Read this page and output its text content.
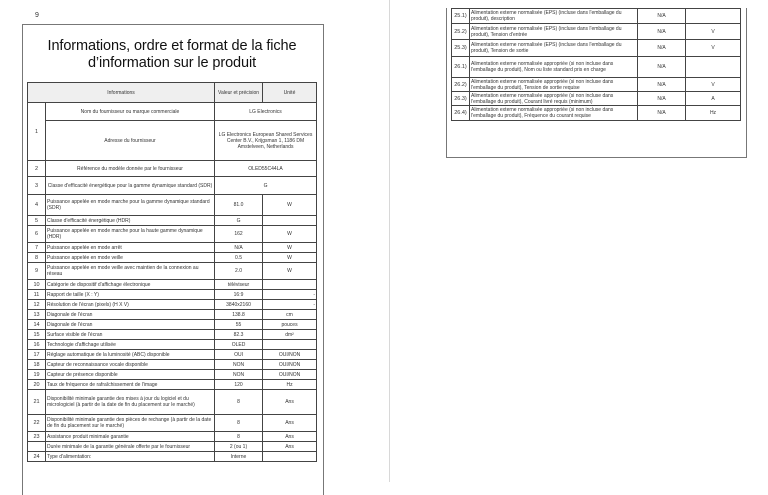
9
Informations, ordre et format de la fiche
d’information sur le produit
Informations		Valeur et précision	Unité
1	Nom du fournisseur ou marque commerciale	LG Electronics	
	Adresse du fournisseur	LG Electronics European Shared Services Center B.V., Krijgsman 1, 1186 DM Amstelveen, Netherlands	
2	Référence du modèle donnée par le fournisseur	OLED55C44LA	
3	Classe d'efficacité énergétique pour la gamme dynamique standard (SDR)	G	
4	Puissance appelée en mode marche pour la gamme dynamique standard (SDR)	81.0	W
5	Classe d'efficacité énergétique (HDR)	G	
6	Puissance appelée en mode marche pour la haute gamme dynamique (HDR)	162	W
7	Puissance appelée en mode arrêt	N/A	W
8	Puissance appelée en mode veille	0.5	W
9	Puissance appelée en mode veille avec maintien de la connexion au réseau	2.0	W
10	Catégorie de dispositif d'affichage électronique	téléviseur	
11	Rapport de taille (X : Y)	16:9	-
12	Résolution de l'écran (pixels) (H X V)	3840x2160	-
13	Diagonale de l'écran	138.8	cm
14	Diagonale de l'écran	55	pouces
15	Surface visible de l'écran	82.3	dm²
16	Technologie d'affichage utilisée	OLED	
17	Réglage automatique de la luminosité (ABC) disponible	OUI	OUI/NON
18	Capteur de reconnaissance vocale disponible	NON	OUI/NON
19	Capteur de présence disponible	NON	OUI/NON
20	Taux de fréquence de rafraîchissement de l'image	120	Hz
21	Disponibilité minimale garantie des mises à jour du logiciel et du micrologiciel (à partir de la date de fin du placement sur le marché)	8	Ans
22	Disponibilité minimale garantie des pièces de rechange (à partir de la date de fin du placement sur le marché)	8	Ans
23	Assistance produit minimale garantie	8	Ans
	Durée minimale de la garantie générale offerte par le fournisseur	2 (ou 1)	Ans
24	Type d'alimentation:	Interne	
25.1)	Alimentation externe normalisée (EPS) (incluse dans l'emballage du produit), description	N/A	
25.2)	Alimentation externe normalisée (EPS) (incluse dans l'emballage du produit), Tension d'entrée	N/A	V
25.3)	Alimentation externe normalisée (EPS) (incluse dans l'emballage du produit), Tension de sortie	N/A	V
26.1)	Alimentation externe normalisée appropriée (si non incluse dans l'emballage du produit), Nom ou liste standard pris en charge	N/A	
26.2)	Alimentation externe normalisée appropriée (si non incluse dans l'emballage du produit), Tension de sortie requise	N/A	V
26.3)	Alimentation externe normalisée appropriée (si non incluse dans l'emballage du produit), Courant livré requis (minimum)	N/A	A
26.4)	Alimentation externe normalisée appropriée (si non incluse dans l'emballage du produit), Fréquence du courant requise	N/A	Hz
